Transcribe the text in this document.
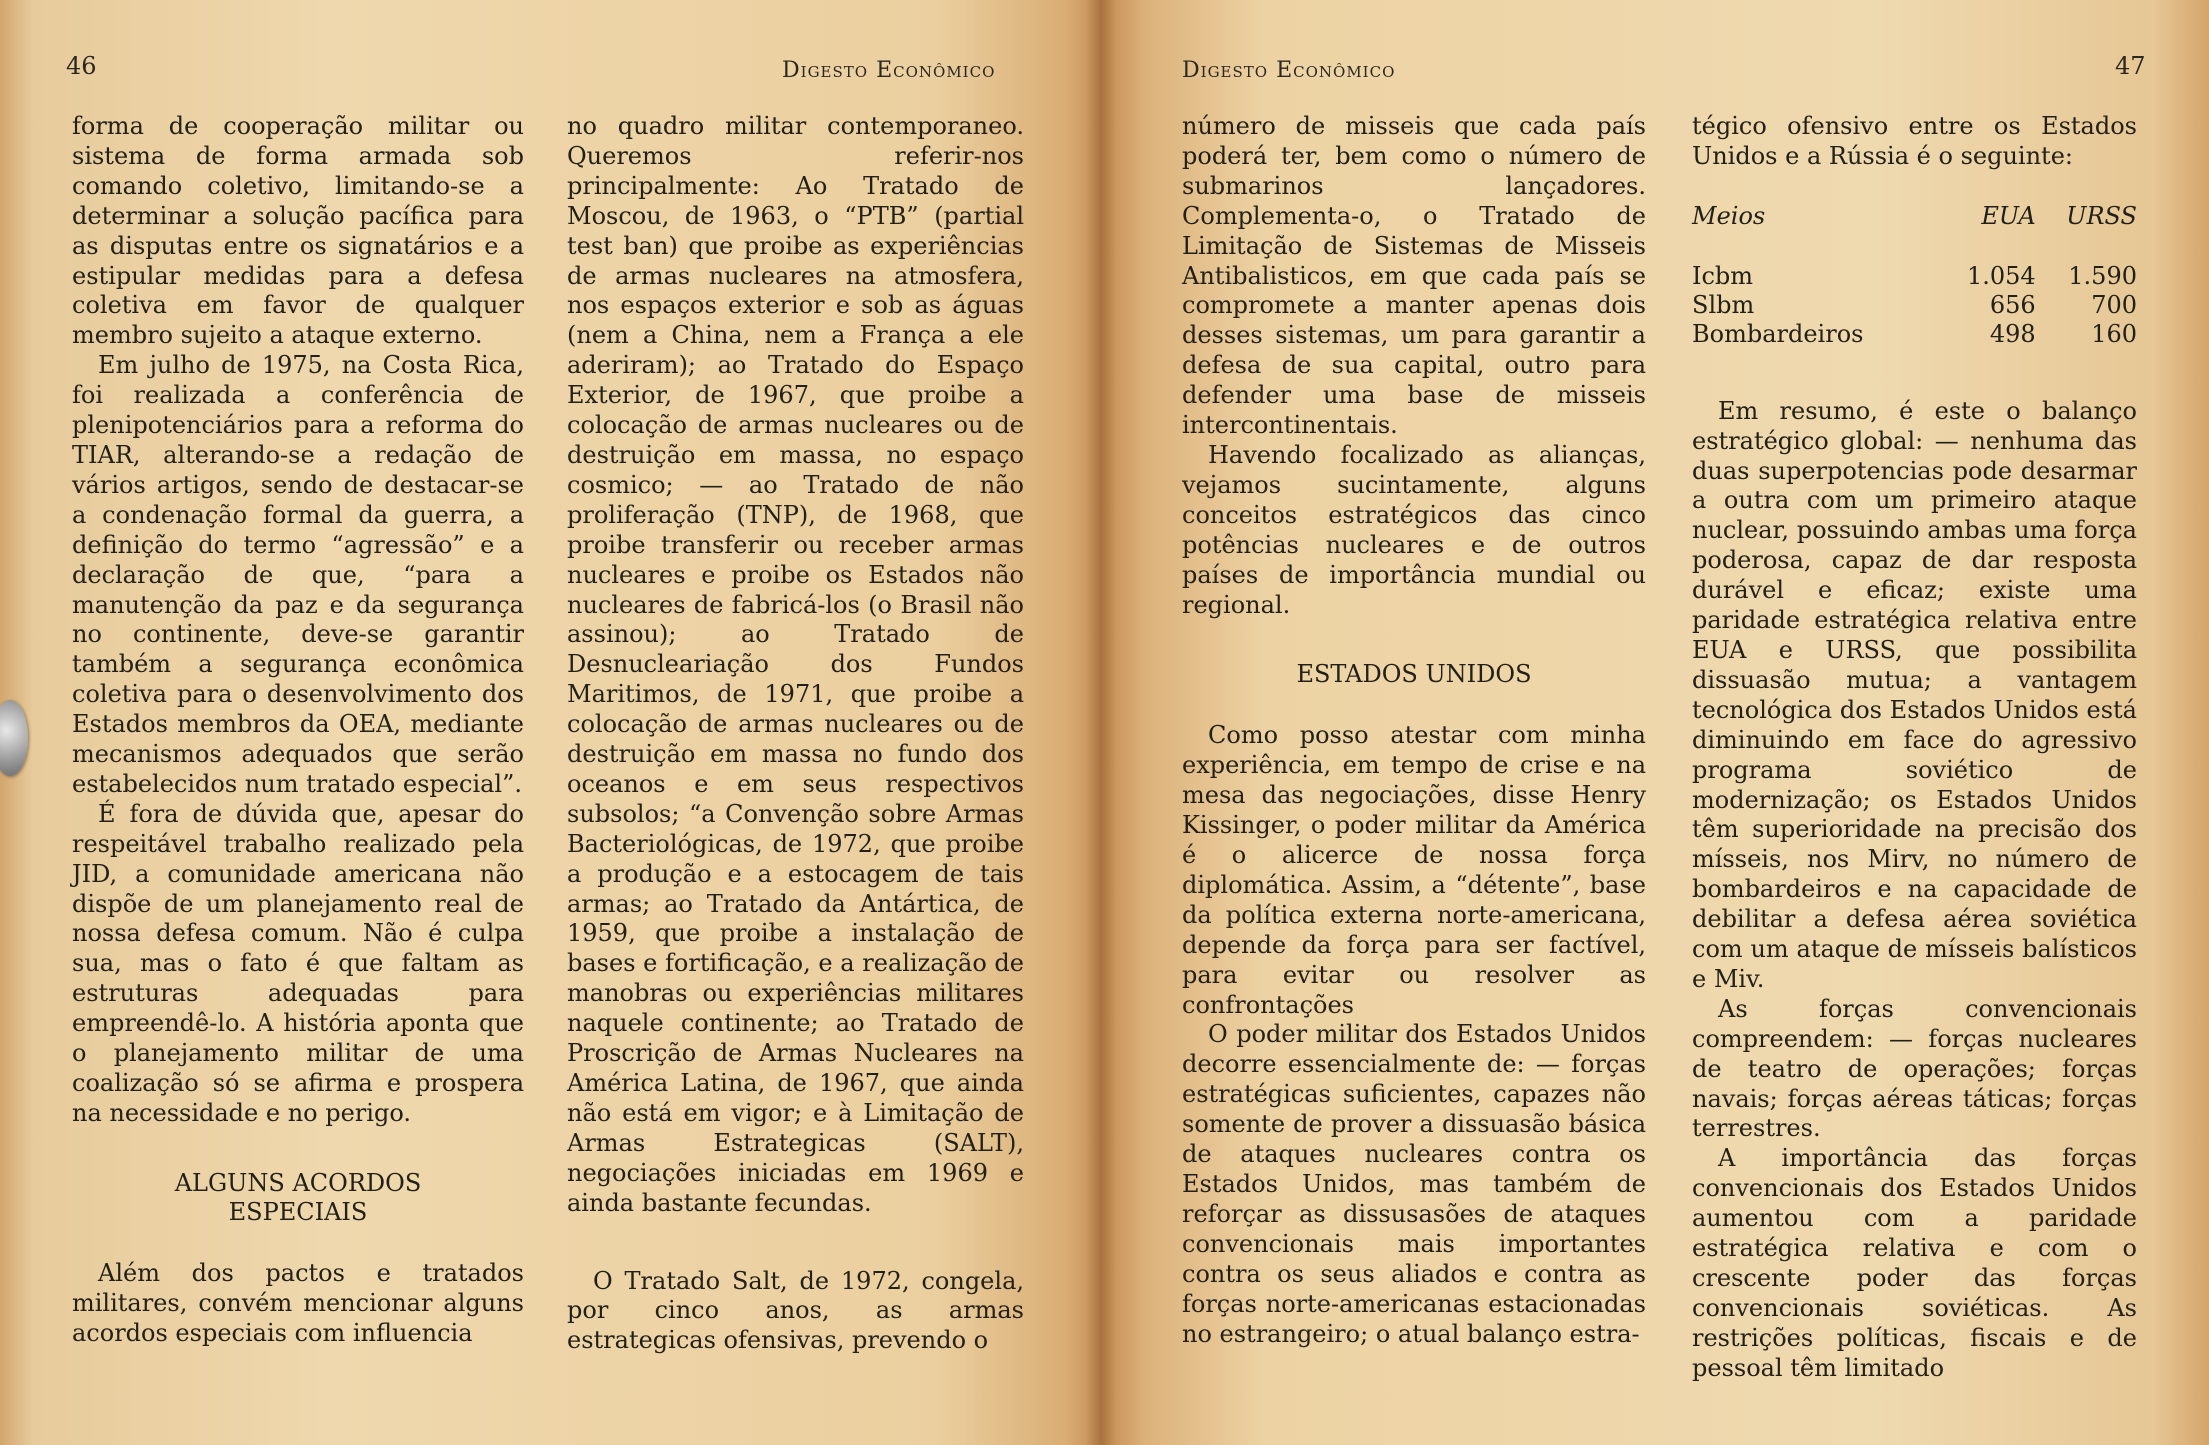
46	Digesto Econômico

forma de cooperação militar ou sistema de forma armada sob comando coletivo, limitando-se a determinar a solução pacífica para as disputas entre os signatários e a estipular medidas para a defesa coletiva em favor de qualquer membro sujeito a ataque externo.

Em julho de 1975, na Costa Rica, foi realizada a conferência de plenipotenciários para a reforma do TIAR, alterando-se a redação de vários artigos, sendo de destacar-se a condenação formal da guerra, a definição do termo “agressão” e a declaração de que, “para a manutenção da paz e da segurança no continente, deve-se garantir também a segurança econômica coletiva para o desenvolvimento dos Estados membros da OEA, mediante mecanismos adequados que serão estabelecidos num tratado especial”.

É fora de dúvida que, apesar do respeitável trabalho realizado pela JID, a comunidade americana não dispõe de um planejamento real de nossa defesa comum. Não é culpa sua, mas o fato é que faltam as estruturas adequadas para empreendê-lo. A história aponta que o planejamento militar de uma coalização só se afirma e prospera na necessidade e no perigo.

ALGUNS ACORDOS
ESPECIAIS

Além dos pactos e tratados militares, convém mencionar alguns acordos especiais com influencia

no quadro militar contemporaneo. Queremos referir-nos principalmente: Ao Tratado de Moscou, de 1963, o “PTB” (partial test ban) que proibe as experiências de armas nucleares na atmosfera, nos espaços exterior e sob as águas (nem a China, nem a França a ele aderiram); ao Tratado do Espaço Exterior, de 1967, que proibe a colocação de armas nucleares ou de destruição em massa, no espaço cosmico; — ao Tratado de não proliferação (TNP), de 1968, que proibe transferir ou receber armas nucleares e proibe os Estados não nucleares de fabricá-los (o Brasil não assinou); ao Tratado de Desnucleariação dos Fundos Maritimos, de 1971, que proibe a colocação de armas nucleares ou de destruição em massa no fundo dos oceanos e em seus respectivos subsolos; “a Convenção sobre Armas Bacteriológicas, de 1972, que proibe a produção e a estocagem de tais armas; ao Tratado da Antártica, de 1959, que proibe a instalação de bases e fortificação, e a realização de manobras ou experiências militares naquele continente; ao Tratado de Proscrição de Armas Nucleares na América Latina, de 1967, que ainda não está em vigor; e à Limitação de Armas Estrategicas (SALT), negociações iniciadas em 1969 e ainda bastante fecundas.

O Tratado Salt, de 1972, congela, por cinco anos, as armas estrategicas ofensivas, prevendo o

Digesto Econômico	47

número de misseis que cada país poderá ter, bem como o número de submarinos lançadores. Complementa-o, o Tratado de Limitação de Sistemas de Misseis Antibalisticos, em que cada país se compromete a manter apenas dois desses sistemas, um para garantir a defesa de sua capital, outro para defender uma base de misseis intercontinentais.

Havendo focalizado as alianças, vejamos sucintamente, alguns conceitos estratégicos das cinco potências nucleares e de outros países de importância mundial ou regional.

ESTADOS UNIDOS

Como posso atestar com minha experiência, em tempo de crise e na mesa das negociações, disse Henry Kissinger, o poder militar da América é o alicerce de nossa força diplomática. Assim, a “détente”, base da política externa norte-americana, depende da força para ser factível, para evitar ou resolver as confrontações

O poder militar dos Estados Unidos decorre essencialmente de: — forças estratégicas suficientes, capazes não somente de prover a dissuasão básica de ataques nucleares contra os Estados Unidos, mas também de reforçar as dissusasões de ataques convencionais mais importantes contra os seus aliados e contra as forças norte-americanas estacionadas no estrangeiro; o atual balanço estra-

tégico ofensivo entre os Estados Unidos e a Rússia é o seguinte:

Meios	EUA	URSS
Icbm	1.054	1.590
Slbm	656	700
Bombardeiros	498	160

Em resumo, é este o balanço estratégico global: — nenhuma das duas superpotencias pode desarmar a outra com um primeiro ataque nuclear, possuindo ambas uma força poderosa, capaz de dar resposta durável e eficaz; existe uma paridade estratégica relativa entre EUA e URSS, que possibilita dissuasão mutua; a vantagem tecnológica dos Estados Unidos está diminuindo em face do agressivo programa soviético de modernização; os Estados Unidos têm superioridade na precisão dos mísseis, nos Mirv, no número de bombardeiros e na capacidade de debilitar a defesa aérea soviética com um ataque de mísseis balísticos e Miv.

As forças convencionais compreendem: — forças nucleares de teatro de operações; forças navais; forças aéreas táticas; forças terrestres.

A importância das forças convencionais dos Estados Unidos aumentou com a paridade estratégica relativa e com o crescente poder das forças convencionais soviéticas. As restrições políticas, fiscais e de pessoal têm limitado
